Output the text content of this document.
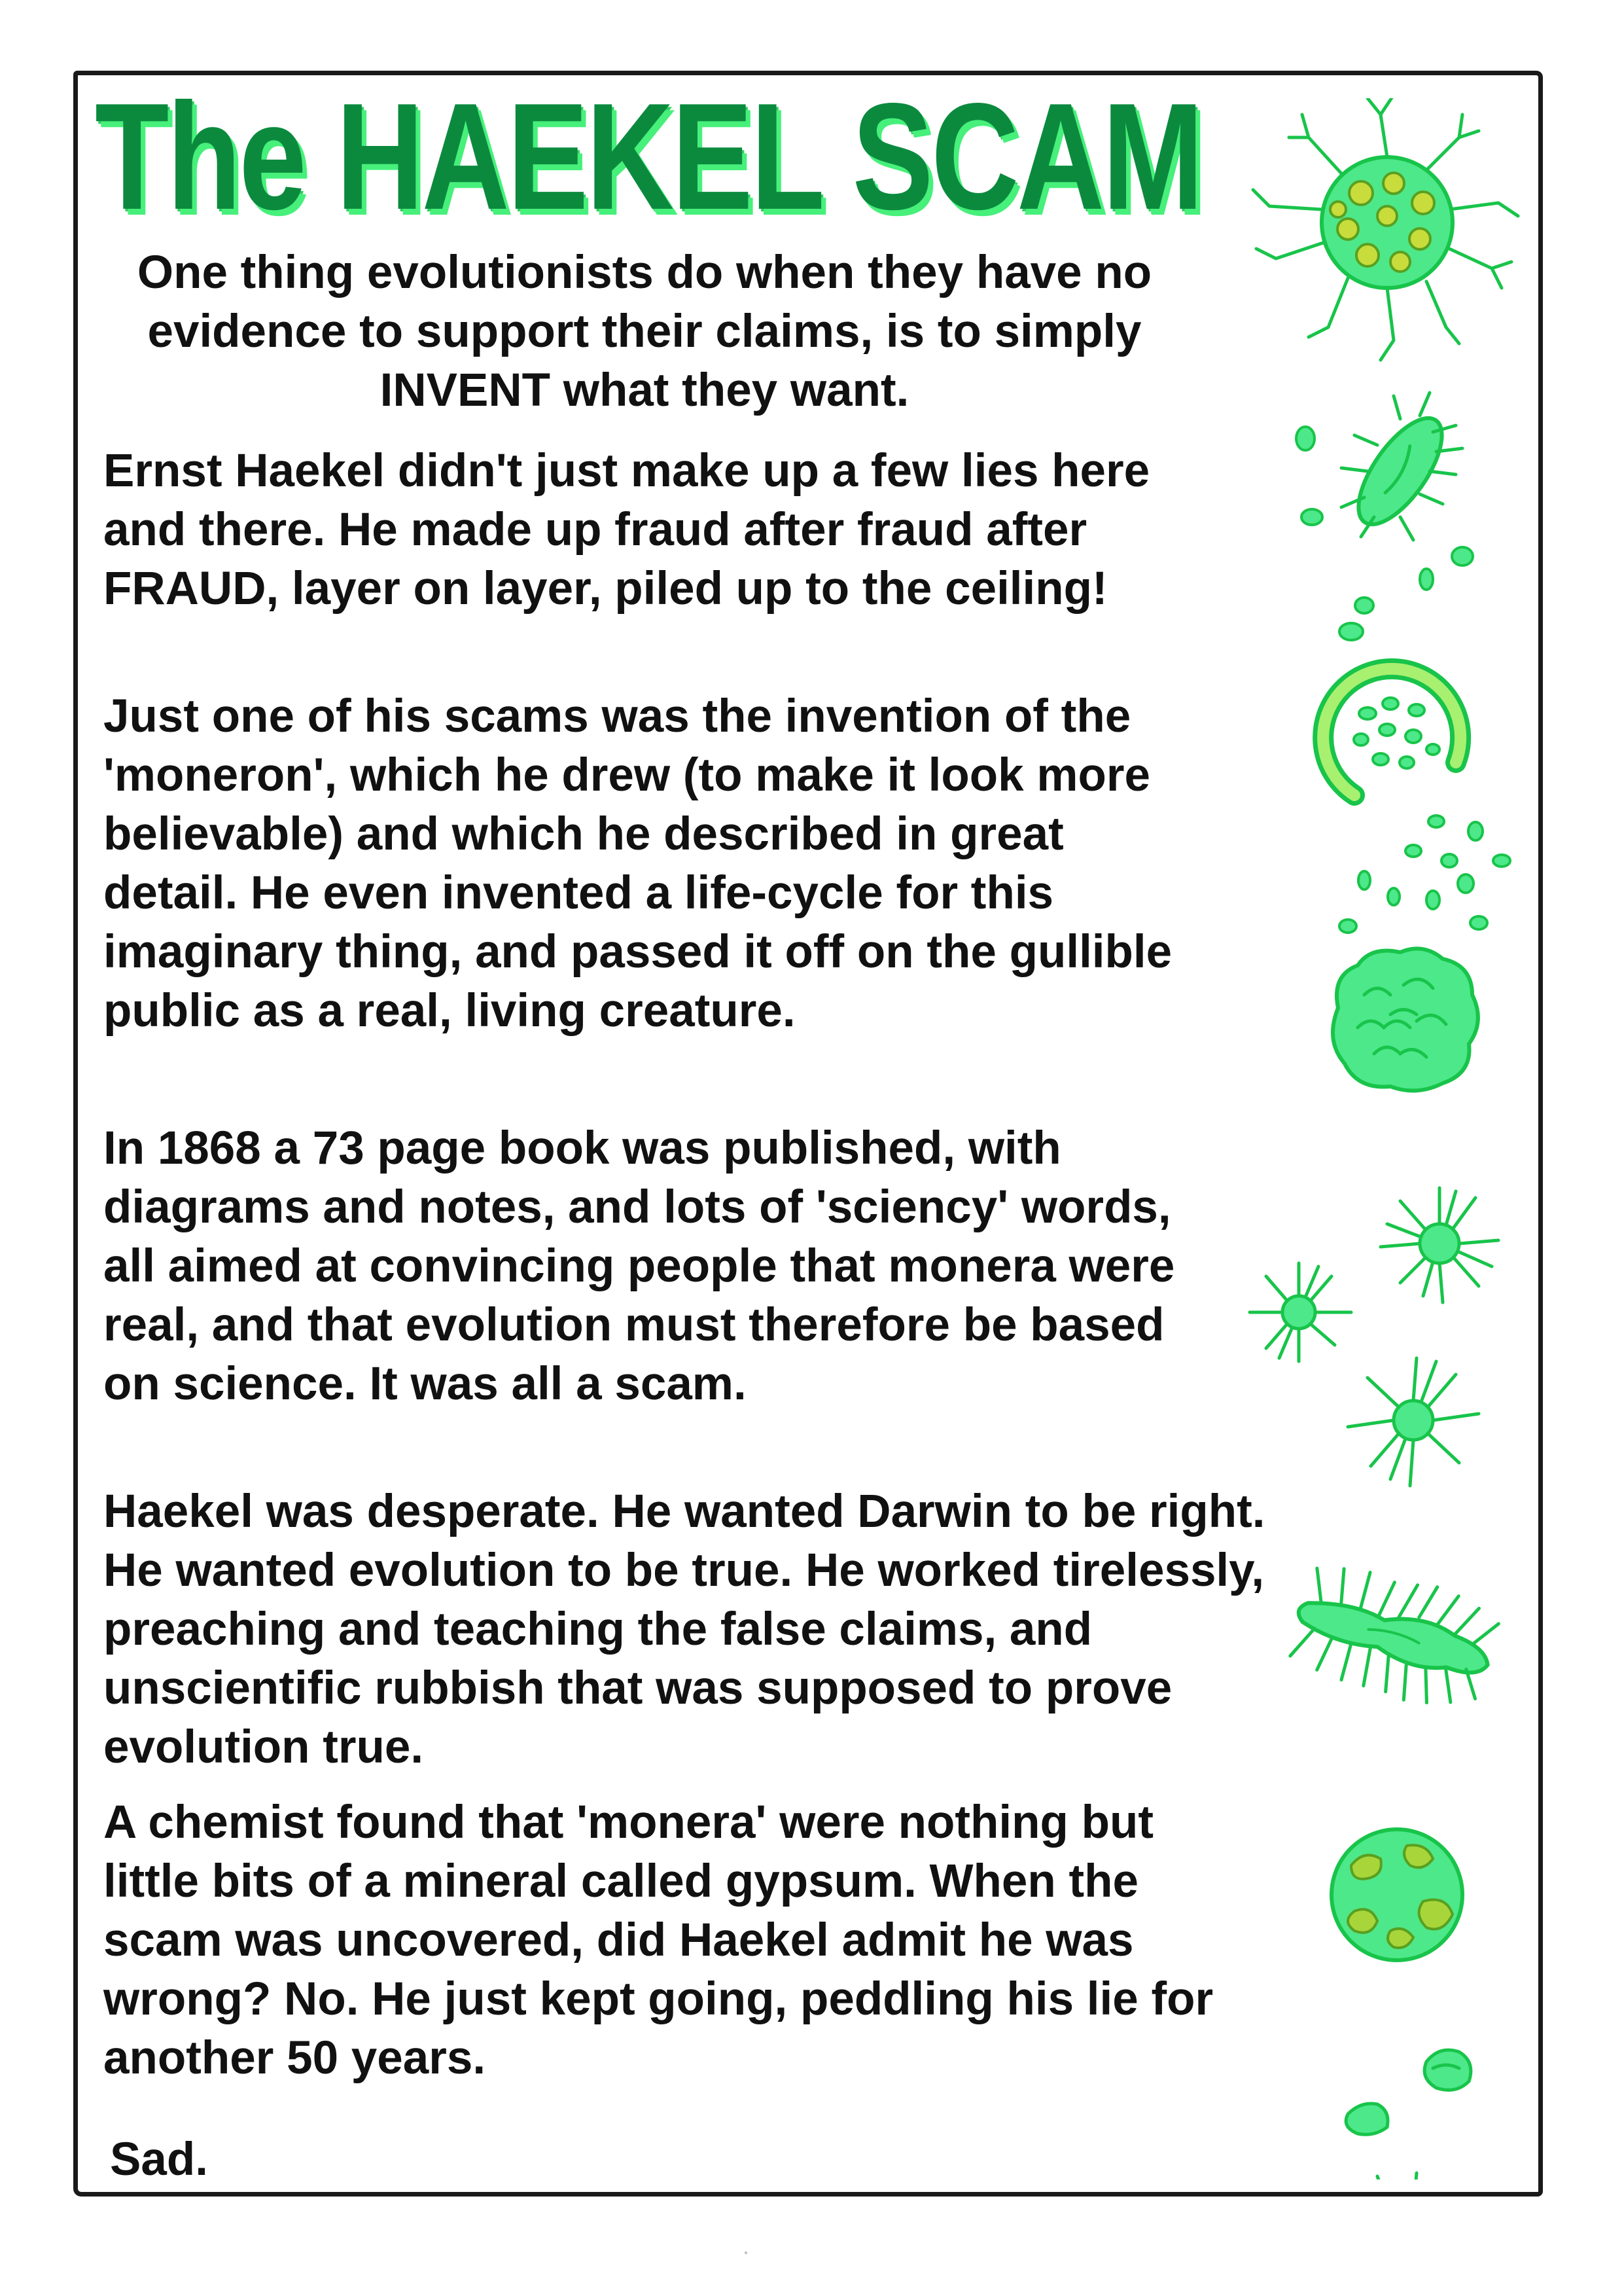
The HAEKEL SCAM

One thing evolutionists do when they have no evidence to support their claims, is to simply INVENT what they want.

Ernst Haekel didn't just make up a few lies here and there. He made up fraud after fraud after FRAUD, layer on layer, piled up to the ceiling!

Just one of his scams was the invention of the 'moneron', which he drew (to make it look more believable) and which he described in great detail. He even invented a life-cycle for this imaginary thing, and passed it off on the gullible public as a real, living creature.

In 1868 a 73 page book was published, with diagrams and notes, and lots of 'sciency' words, all aimed at convincing people that monera were real, and that evolution must therefore be based on science. It was all a scam.

Haekel was desperate. He wanted Darwin to be right. He wanted evolution to be true. He worked tirelessly, preaching and teaching the false claims, and unscientific rubbish that was supposed to prove evolution true.

A chemist found that 'monera' were nothing but little bits of a mineral called gypsum. When the scam was uncovered, did Haekel admit he was wrong? No. He just kept going, peddling his lie for another 50 years.

Sad.
